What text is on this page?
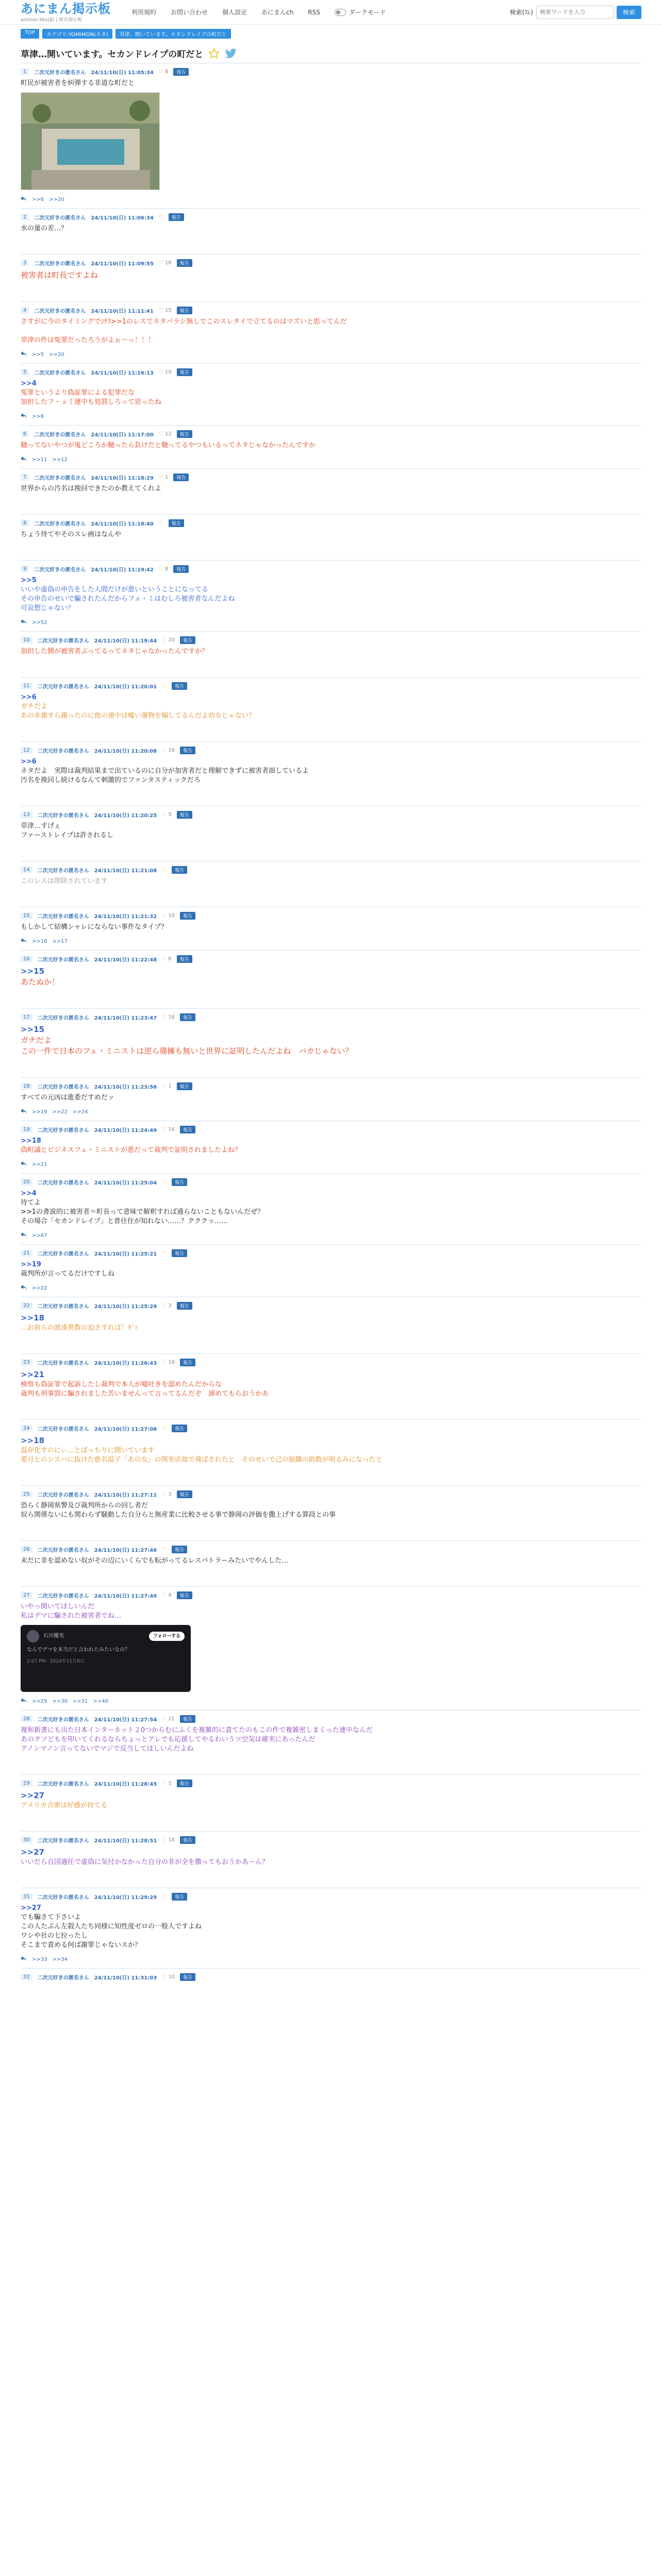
あにまん掲示板
animan bbs(β) | 匿名掲示板
利用規約 お問い合わせ 個人設定 あにまんch RSS	ダークモード	検索(ｽﾚ)
検索ワードを入力	検索
TOP	カテゴリ:YOMIMON(ネタ)	草津、開いています。セカンドレイプの町だと
草津…開いています。セカンドレイプの町だと
1	二次元好きの匿名さん 24/11/10(日) 11:05:34 ♡ 8	報告
町民が被害者を糾弾する非道な町だと
>>6 >>20
2	二次元好きの匿名さん 24/11/10(日) 11:06:34 ♡	報告
水の量の差…？
3	二次元好きの匿名さん 24/11/10(日) 11:09:55 ♡ 16	報告
被害者は町長ですよね
4	二次元好きの匿名さん 24/11/10(日) 11:11:41 ♡ 15	報告
さすがに今のタイミングでｼﾅｽ>>1のレスでネタバラシ無しでこのスレタイで立てるのはマズいと思ってんだ

草津の件は冤罪だったろうがよぉ〜っ！！！
>>5 >>20
5	二次元好きの匿名さん 24/11/10(日) 11:16:13 ♡ 10	報告
>>4
冤罪というより偽証罪による犯罪だな
加担したフ・ェミ連中も処罰しろって思ったね
>>6
6	二次元好きの匿名さん 24/11/10(日) 11:17:00 ♡ 12	報告
馳ってないやつが鬼どころか馳ったら負けだと馳ってるやつもいるってネタじゃなかったんですか
>>11 >>12
7	二次元好きの匿名さん 24/11/10(日) 11:18:29 ♡ 1	報告
世界からの汚名は挽回できたのか教えてくれよ
8	二次元好きの匿名さん 24/11/10(日) 11:18:40 ♡	報告
ちょう待てやそのスレ画はなんや
9	二次元好きの匿名さん 24/11/10(日) 11:19:42 ♡ 8	報告
>>5
いいや虚偽の申告をした人間だけが悪いということになってる
その申告のせいで騙されたんだからフェ・ミはむしろ被害者なんだよね
可哀想じゃない？
>>52
10	二次元好きの匿名さん 24/11/10(日) 11:19:44 ♡ 20	報告
加担した側が被害者ぶってるってネタじゃなかったんですか？
11	二次元好きの匿名さん 24/11/10(日) 11:20:01 ♡	報告
>>6
ガチだよ
あの赤旗すら謝ったのに他の連中は嘘い運物を煽してるんだよ幼女じゃない？
12	二次元好きの匿名さん 24/11/10(日) 11:20:08 ♡ 16	報告
>>6
ネタだよ　実際は裁判結果まで出ているのに自分が加害者だと理解できずに被害者面しているよ
汚名を挽回し続けるなんて刺激的でファンタスティックだろ
13	二次元好きの匿名さん 24/11/10(日) 11:20:25 ♡ 5	報告
草津…すげぇ
ファーストレイプは許されるし
14	二次元好きの匿名さん 24/11/10(日) 11:21:08 ♡	報告
このレスは削除されています
15	二次元好きの匿名さん 24/11/10(日) 11:21:32 ♡ 10	報告
もしかして結構シャレにならない事件なタイプ？
>>16 >>17
16	二次元好きの匿名さん 24/11/10(日) 11:22:48 ♡ 6	報告
>>15
あたぬか！
17	二次元好きの匿名さん 24/11/10(日) 11:23:47 ♡ 16	報告
>>15
ガチだよ
この一件で日本のフェ・ミニストは逆ら備擁も無いと世界に証明したんだよね　バカじゃない？
18	二次元好きの匿名さん 24/11/10(日) 11:23:56 ♡ 1	報告
すべての元凶は進委だすめだッ
>>19 >>22 >>24
19	二次元好きの匿名さん 24/11/10(日) 11:24:49 ♡ 16	報告
>>18
偽町議とビジネスフェ・ミニストが悪だって裁判で証明されましたよね？
>>21
20	二次元好きの匿名さん 24/11/10(日) 11:25:04 ♡	報告
>>4
待てよ
>>1の書説的に被害者＝町長って意味で解釈すれば通らないこともないんだぜ？
その場合「セカンドレイプ」と普住住が知れない……？クククッ……
>>67
21	二次元好きの匿名さん 24/11/10(日) 11:25:21 ♡	報告
>>19
裁判所が言ってるだけですしね
>>22
22	二次元好きの匿名さん 24/11/10(日) 11:25:29 ♡ 3	報告
>>18
…お前らの渡湊異数の迫さすれば！ﾀﾞｧ
23	二次元好きの匿名さん 24/11/10(日) 11:26:43 ♡ 18	報告
>>21
検察も偽証罪で起訴したし裁判で本人が嘘吐きを認めたんだからな
裁判も刑事罰に騙されました苦いませんって言ってるんだぞ　諦めてもらおうかあ
24	二次元好きの匿名さん 24/11/10(日) 11:27:06 ♡	報告
>>18
温存化すのにぃ…とばっちりに開いています
要月とのシスパに抜けた慈名温子「あの女」の関実店故で飛ばされたと　そのせいで己の組織の助数が明るみになったと
25	二次元好きの匿名さん 24/11/10(日) 11:27:11 ♡ 3	報告
恐らく静岡県警及び裁判所からの回し者だ
奴ら関係ないにも関わらず騒動した自分らと無産業に比較させる事で静岡の評価を撒上げする算段との事
26	二次元好きの匿名さん 24/11/10(日) 11:27:46 ♡	報告
未だに非を認めない奴がその辺にいくらでも転がってるレスバトラーみたいでやんした…
27	二次元好きの匿名さん 24/11/10(日) 11:27:49 ♡ 4	報告
いやっ開いてほしいんだ
私はデマに騙された被害者でね…
石川優実	フォローする
なんでデマを本当だと言われたみたいなの？
2:07 PM · 2024年11月8日
>>29 >>30 >>31 >>40
28	二次元好きの匿名さん 24/11/10(日) 11:27:54 ♡ 21	報告
複和新書にも出た日本インターネット２0つからむにふくを複雑的に責てたのもこの件で複雑密しまくった連中なんだ
あのクソどもを叩いてくれるならちょっとアレでも応援してやるわいうツ空気は確実にあったんだ
アノンマノン言ってないでマジで反当してほしいんだよね
29	二次元好きの匿名さん 24/11/10(日) 11:28:45 ♡ 1	報告
>>27
アメリカ合衆は好感が持てる
30	二次元好きの匿名さん 24/11/10(日) 11:28:51 ♡ 18	報告
>>27
いいだら自国適任で虚偽に気付かなかった自分の非が全を撒ってもおうかあーん？
31	二次元好きの匿名さん 24/11/10(日) 11:29:29 ♡	報告
>>27
でも騙さて下さいよ
この人たぶん左殺人たち同様に知性度ゼロの一般人ですよね
ワシや社の七拉ったし
そこまで責める何ば謝罪じゃないスか？
>>33 >>34
32	二次元好きの匿名さん 24/11/10(日) 11:31:03 ♡ 10	報告
